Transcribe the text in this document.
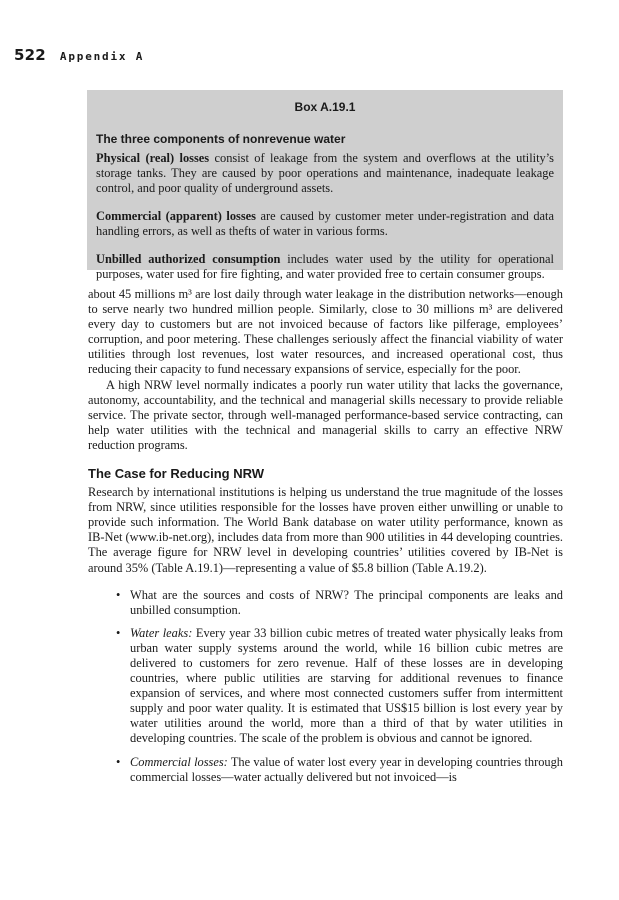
522 Appendix A
Box A.19.1
The three components of nonrevenue water

Physical (real) losses consist of leakage from the system and overflows at the utility’s storage tanks. They are caused by poor operations and maintenance, inadequate leakage control, and poor quality of underground assets.

Commercial (apparent) losses are caused by customer meter under-registration and data handling errors, as well as thefts of water in various forms.

Unbilled authorized consumption includes water used by the utility for operational purposes, water used for fire fighting, and water provided free to certain consumer groups.

about 45 millions m³ are lost daily through water leakage in the distribution networks—enough to serve nearly two hundred million people. Similarly, close to 30 millions m³ are delivered every day to customers but are not invoiced because of factors like pilferage, employees’ corruption, and poor metering. These challenges seriously affect the financial viability of water utilities through lost revenues, lost water resources, and increased operational cost, thus reducing their capacity to fund necessary expansions of service, especially for the poor.

A high NRW level normally indicates a poorly run water utility that lacks the governance, autonomy, accountability, and the technical and managerial skills necessary to provide reliable service. The private sector, through well-managed performance-based service contracting, can help water utilities with the technical and managerial skills to carry an effective NRW reduction programs.

The Case for Reducing NRW

Research by international institutions is helping us understand the true magnitude of the losses from NRW, since utilities responsible for the losses have proven either unwilling or unable to provide such information. The World Bank database on water utility performance, known as IB-Net (www.ib-net.org), includes data from more than 900 utilities in 44 developing countries. The average figure for NRW level in developing countries’ utilities covered by IB-Net is around 35% (Table A.19.1)—representing a value of $5.8 billion (Table A.19.2).

• What are the sources and costs of NRW? The principal components are leaks and unbilled consumption.
• Water leaks: Every year 33 billion cubic metres of treated water physically leaks from urban water supply systems around the world, while 16 billion cubic metres are delivered to customers for zero revenue. Half of these losses are in developing countries, where public utilities are starving for additional revenues to finance expansion of services, and where most connected customers suffer from intermittent supply and poor water quality. It is estimated that US$15 billion is lost every year by water utilities around the world, more than a third of that by water utilities in developing countries. The scale of the problem is obvious and cannot be ignored.
• Commercial losses: The value of water lost every year in developing countries through commercial losses—water actually delivered but not invoiced—is
